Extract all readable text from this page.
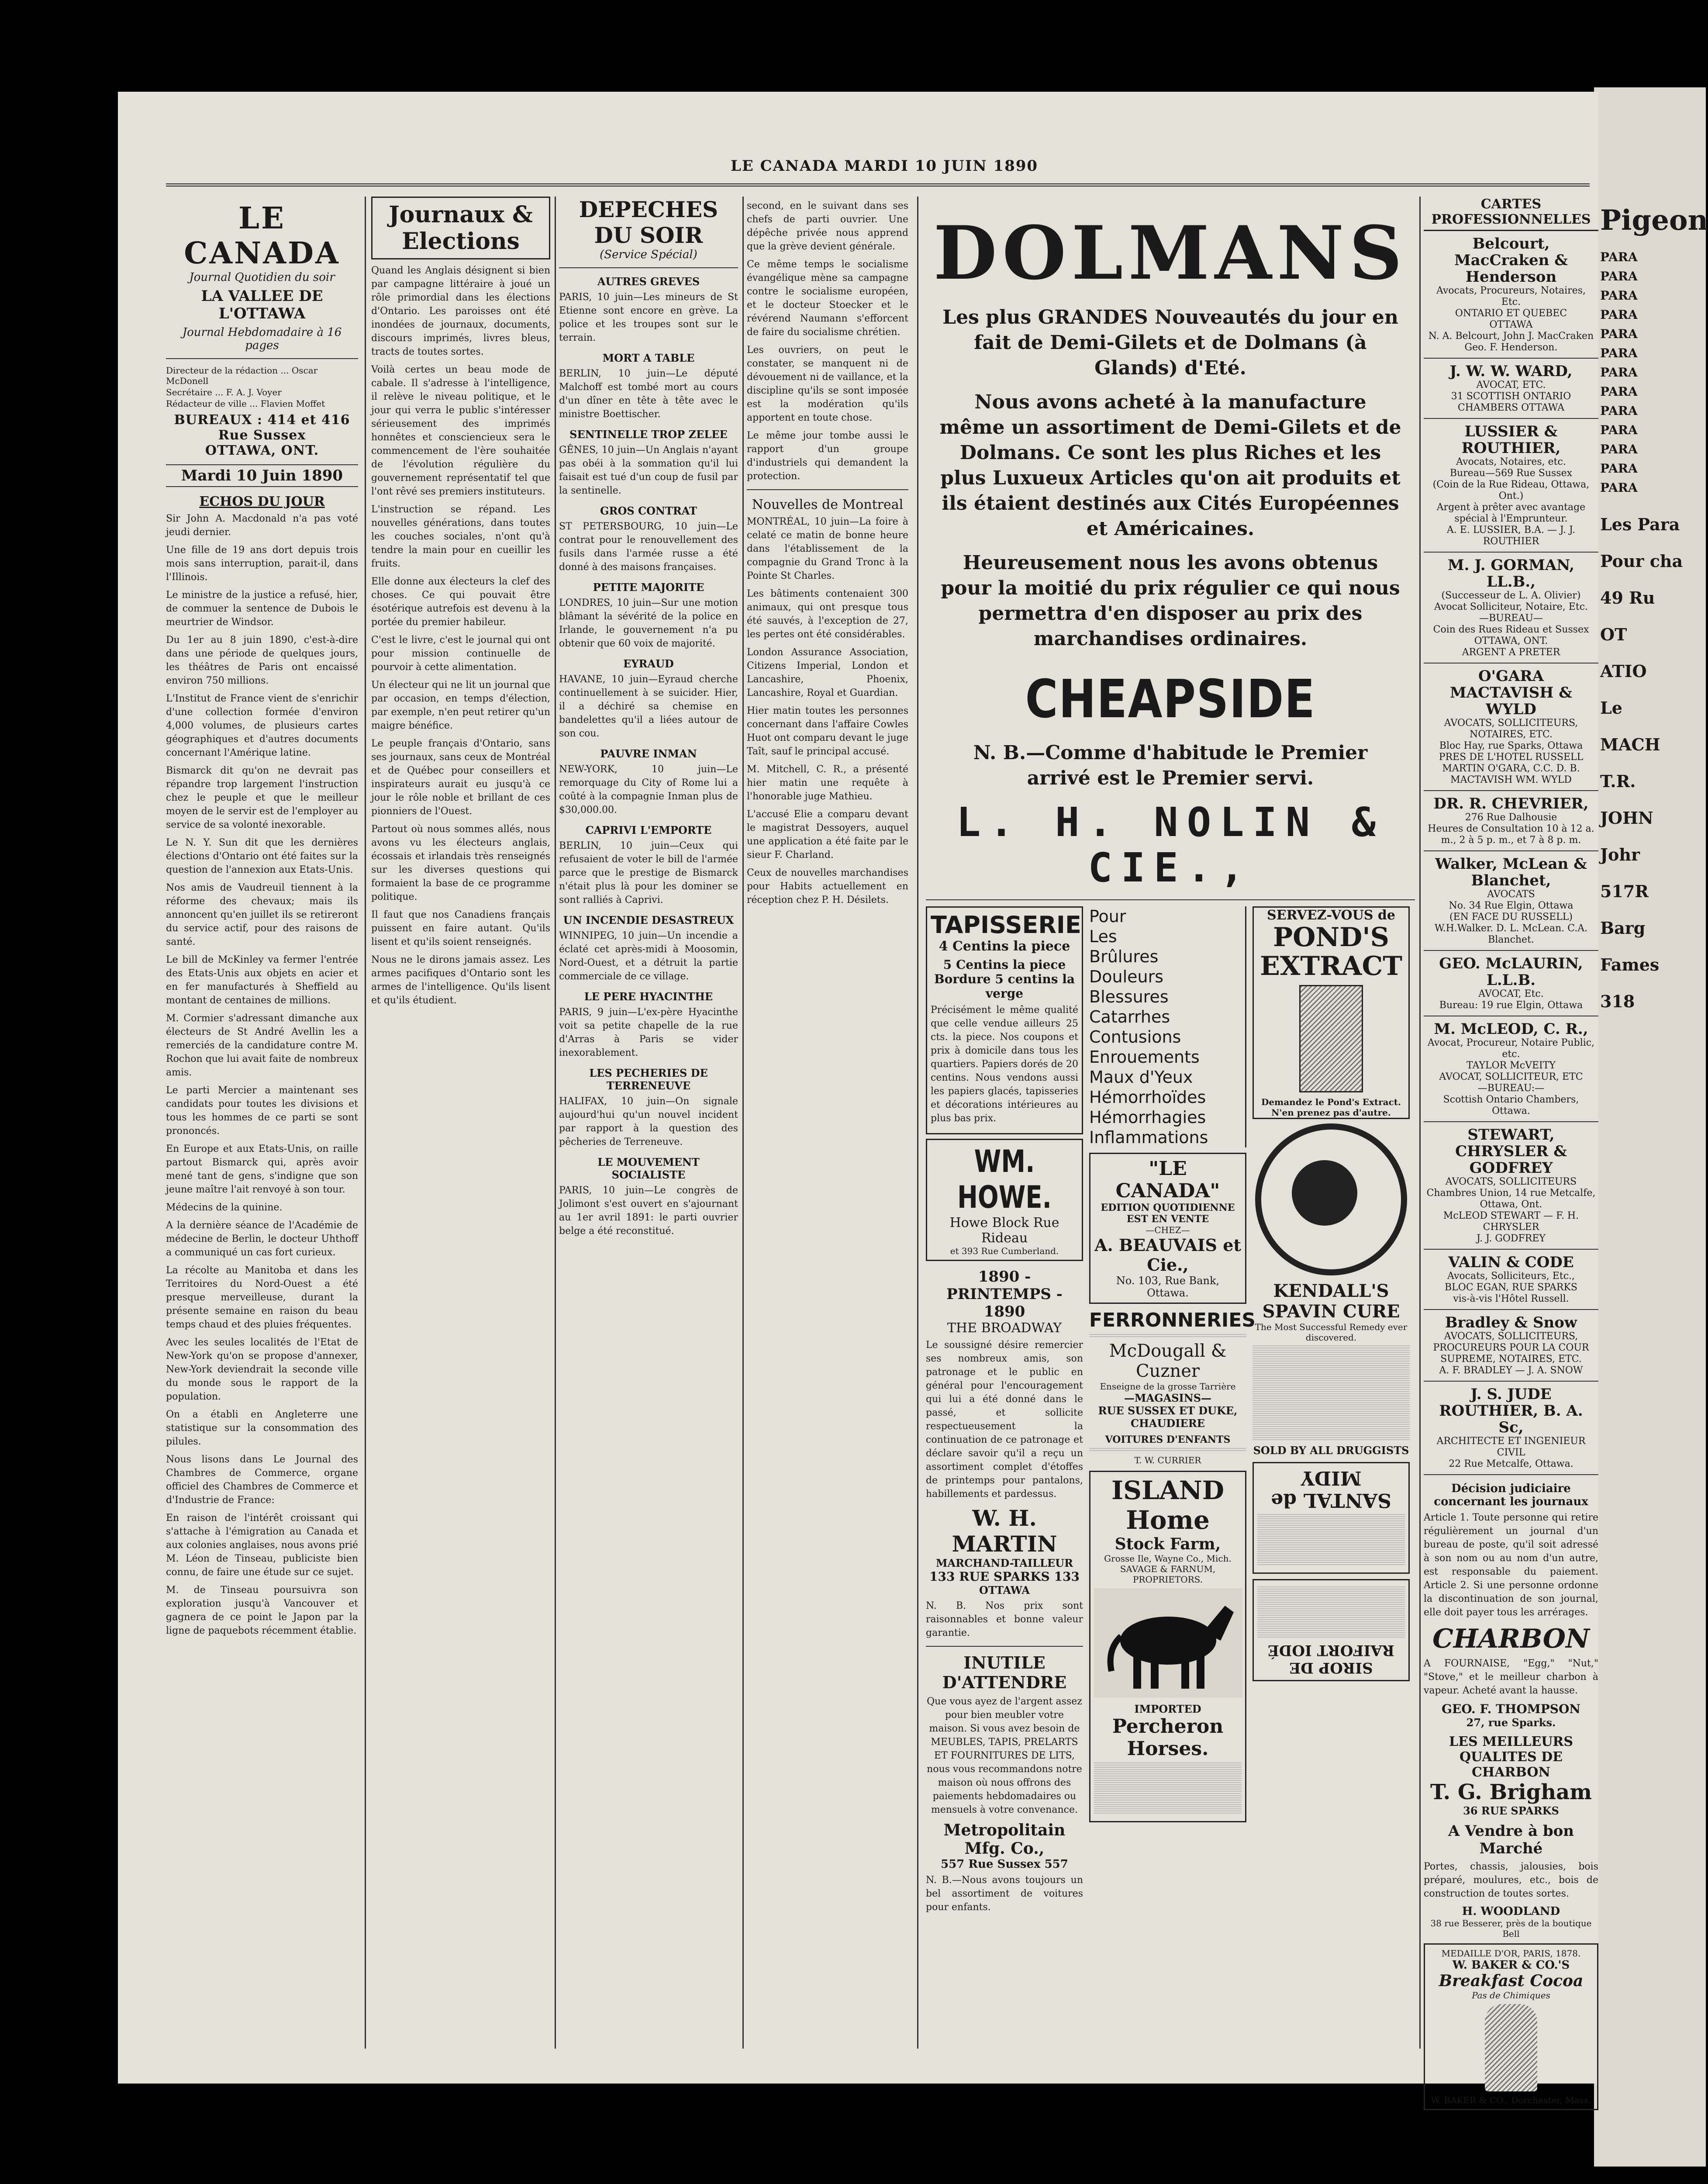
Pigeon
PARA
PARA
PARA
PARA
PARA
PARA
PARA
PARA
PARA
PARA
PARA
PARA
PARA
Les Para
Pour cha
49 Ru
OT
ATIO
Le
MACH
T.R.
JOHN
Johr
517R
Barg
Fames
318
LE CANADA MARDI 10 JUIN 1890
LE CANADA
Journal Quotidien du soir
LA VALLEE DE L'OTTAWA
Journal Hebdomadaire à 16 pages
Directeur de la rédaction ... Oscar McDonell
Secrétaire ... F. A. J. Voyer
Rédacteur de ville ... Flavien Moffet
BUREAUX : 414 et 416 Rue Sussex
OTTAWA, ONT.
Mardi 10 Juin 1890
ECHOS DU JOUR

Sir John A. Macdonald n'a pas voté jeudi dernier.

Une fille de 19 ans dort depuis trois mois sans interruption, parait-il, dans l'Illinois.

Le ministre de la justice a refusé, hier, de commuer la sentence de Dubois le meurtrier de Windsor.

Du 1er au 8 juin 1890, c'est-à-dire dans une période de quelques jours, les théâtres de Paris ont encaissé environ 750 millions.

L'Institut de France vient de s'enrichir d'une collection formée d'environ 4,000 volumes, de plusieurs cartes géographiques et d'autres documents concernant l'Amérique latine.

Bismarck dit qu'on ne devrait pas répandre trop largement l'instruction chez le peuple et que le meilleur moyen de le servir est de l'employer au service de sa volonté inexorable.

Le N. Y. Sun dit que les dernières élections d'Ontario ont été faites sur la question de l'annexion aux Etats-Unis.

Nos amis de Vaudreuil tiennent à la réforme des chevaux; mais ils annoncent qu'en juillet ils se retireront du service actif, pour des raisons de santé.

Le bill de McKinley va fermer l'entrée des Etats-Unis aux objets en acier et en fer manufacturés à Sheffield au montant de centaines de millions.

M. Cormier s'adressant dimanche aux électeurs de St André Avellin les a remerciés de la candidature contre M. Rochon que lui avait faite de nombreux amis.

Le parti Mercier a maintenant ses candidats pour toutes les divisions et tous les hommes de ce parti se sont prononcés.

En Europe et aux Etats-Unis, on raille partout Bismarck qui, après avoir mené tant de gens, s'indigne que son jeune maître l'ait renvoyé à son tour.

Médecins de la quinine.

A la dernière séance de l'Académie de médecine de Berlin, le docteur Uhthoff a communiqué un cas fort curieux.

La récolte au Manitoba et dans les Territoires du Nord-Ouest a été presque merveilleuse, durant la présente semaine en raison du beau temps chaud et des pluies fréquentes.

Avec les seules localités de l'Etat de New-York qu'on se propose d'annexer, New-York deviendrait la seconde ville du monde sous le rapport de la population.

On a établi en Angleterre une statistique sur la consommation des pilules.

Nous lisons dans Le Journal des Chambres de Commerce, organe officiel des Chambres de Commerce et d'Industrie de France:

En raison de l'intérêt croissant qui s'attache à l'émigration au Canada et aux colonies anglaises, nous avons prié M. Léon de Tinseau, publiciste bien connu, de faire une étude sur ce sujet.

M. de Tinseau poursuivra son exploration jusqu'à Vancouver et gagnera de ce point le Japon par la ligne de paquebots récemment établie.

Journaux & Elections

Quand les Anglais désignent si bien par campagne littéraire à joué un rôle primordial dans les élections d'Ontario. Les paroisses ont été inondées de journaux, documents, discours imprimés, livres bleus, tracts de toutes sortes.

Voilà certes un beau mode de cabale. Il s'adresse à l'intelligence, il relève le niveau politique, et le jour qui verra le public s'intéresser sérieusement des imprimés honnêtes et consciencieux sera le commencement de l'ère souhaitée de l'évolution régulière du gouvernement représentatif tel que l'ont rêvé ses premiers instituteurs.

L'instruction se répand. Les nouvelles générations, dans toutes les couches sociales, n'ont qu'à tendre la main pour en cueillir les fruits.

Elle donne aux électeurs la clef des choses. Ce qui pouvait être ésotérique autrefois est devenu à la portée du premier habileur.

C'est le livre, c'est le journal qui ont pour mission continuelle de pourvoir à cette alimentation.

Un électeur qui ne lit un journal que par occasion, en temps d'élection, par exemple, n'en peut retirer qu'un maigre bénéfice.

Le peuple français d'Ontario, sans ses journaux, sans ceux de Montréal et de Québec pour conseillers et inspirateurs aurait eu jusqu'à ce jour le rôle noble et brillant de ces pionniers de l'Ouest.

Partout où nous sommes allés, nous avons vu les électeurs anglais, écossais et irlandais très renseignés sur les diverses questions qui formaient la base de ce programme politique.

Il faut que nos Canadiens français puissent en faire autant. Qu'ils lisent et qu'ils soient renseignés.

Nous ne le dirons jamais assez. Les armes pacifiques d'Ontario sont les armes de l'intelligence. Qu'ils lisent et qu'ils étudient.

DEPECHES DU SOIR
(Service Spécial)
AUTRES GREVES

PARIS, 10 juin—Les mineurs de St Etienne sont encore en grève. La police et les troupes sont sur le terrain.

MORT A TABLE

BERLIN, 10 juin—Le député Malchoff est tombé mort au cours d'un dîner en tête à tête avec le ministre Boettischer.

SENTINELLE TROP ZELEE

GÊNES, 10 juin—Un Anglais n'ayant pas obéi à la sommation qu'il lui faisait est tué d'un coup de fusil par la sentinelle.

GROS CONTRAT

ST PETERSBOURG, 10 juin—Le contrat pour le renouvellement des fusils dans l'armée russe a été donné à des maisons françaises.

PETITE MAJORITE

LONDRES, 10 juin—Sur une motion blâmant la sévérité de la police en Irlande, le gouvernement n'a pu obtenir que 60 voix de majorité.

EYRAUD

HAVANE, 10 juin—Eyraud cherche continuellement à se suicider. Hier, il a déchiré sa chemise en bandelettes qu'il a liées autour de son cou.

PAUVRE INMAN

NEW-YORK, 10 juin—Le remorquage du City of Rome lui a coûté à la compagnie Inman plus de $30,000.00.

CAPRIVI L'EMPORTE

BERLIN, 10 juin—Ceux qui refusaient de voter le bill de l'armée parce que le prestige de Bismarck n'était plus là pour les dominer se sont ralliés à Caprivi.

UN INCENDIE DESASTREUX

WINNIPEG, 10 juin—Un incendie a éclaté cet après-midi à Moosomin, Nord-Ouest, et a détruit la partie commerciale de ce village.

LE PERE HYACINTHE

PARIS, 9 juin—L'ex-père Hyacinthe voit sa petite chapelle de la rue d'Arras à Paris se vider inexorablement.

LES PECHERIES DE TERRENEUVE

HALIFAX, 10 juin—On signale aujourd'hui qu'un nouvel incident par rapport à la question des pêcheries de Terreneuve.

LE MOUVEMENT SOCIALISTE

PARIS, 10 juin—Le congrès de Jolimont s'est ouvert en s'ajournant au 1er avril 1891: le parti ouvrier belge a été reconstitué.

second, en le suivant dans ses chefs de parti ouvrier. Une dépêche privée nous apprend que la grève devient générale.

Ce même temps le socialisme évangélique mène sa campagne contre le socialisme européen, et le docteur Stoecker et le révérend Naumann s'efforcent de faire du socialisme chrétien.

Les ouvriers, on peut le constater, se manquent ni de dévouement ni de vaillance, et la discipline qu'ils se sont imposée est la modération qu'ils apportent en toute chose.

Le même jour tombe aussi le rapport d'un groupe d'industriels qui demandent la protection.

Nouvelles de Montreal

MONTRÉAL, 10 juin—La foire à celaté ce matin de bonne heure dans l'établissement de la compagnie du Grand Tronc à la Pointe St Charles.

Les bâtiments contenaient 300 animaux, qui ont presque tous été sauvés, à l'exception de 27, les pertes ont été considérables.

London Assurance Association, Citizens Imperial, London et Lancashire, Phoenix, Lancashire, Royal et Guardian.

Hier matin toutes les personnes concernant dans l'affaire Cowles Huot ont comparu devant le juge Taît, sauf le principal accusé.

M. Mitchell, C. R., a présenté hier matin une requête à l'honorable juge Mathieu.

L'accusé Elie a comparu devant le magistrat Dessoyers, auquel une application a été faite par le sieur F. Charland.

Ceux de nouvelles marchandises pour Habits actuellement en réception chez P. H. Désilets.

DOLMANS
Les plus GRANDES Nouveautés du jour en fait de Demi-Gilets et de Dolmans (à Glands) d'Eté.
Nous avons acheté à la manufacture même un assortiment de Demi-Gilets et de Dolmans. Ce sont les plus Riches et les plus Luxueux Articles qu'on ait produits et ils étaient destinés aux Cités Européennes et Américaines.
Heureusement nous les avons obtenus pour la moitié du prix régulier ce qui nous permettra d'en disposer au prix des marchandises ordinaires.
CHEAPSIDE
N. B.—Comme d'habitude le Premier arrivé est le Premier servi.
L. H. NOLIN & CIE.,
TAPISSERIE
4 Centins la piece
5 Centins la piece
Bordure 5 centins la verge
Précisément le même qualité que celle vendue ailleurs 25 cts. la piece. Nos coupons et prix à domicile dans tous les quartiers. Papiers dorés de 20 centins. Nous vendons aussi les papiers glacés, tapisseries et décorations intérieures au plus bas prix.
WM. HOWE.
Howe Block Rue Rideau
et 393 Rue Cumberland.
1890 - PRINTEMPS - 1890
THE BROADWAY
Le soussigné désire remercier ses nombreux amis, son patronage et le public en général pour l'encouragement qui lui a été donné dans le passé, et sollicite respectueusement la continuation de ce patronage et déclare savoir qu'il a reçu un assortiment complet d'étoffes de printemps pour pantalons, habillements et pardessus.
W. H. MARTIN
MARCHAND-TAILLEUR
133 RUE SPARKS 133
OTTAWA
N. B. Nos prix sont raisonnables et bonne valeur garantie.
INUTILE D'ATTENDRE
Que vous ayez de l'argent assez pour bien meubler votre maison. Si vous avez besoin de MEUBLES, TAPIS, PRELARTS ET FOURNITURES DE LITS, nous vous recommandons notre maison où nous offrons des paiements hebdomadaires ou mensuels à votre convenance.
Metropolitain Mfg. Co.,
557 Rue Sussex 557
N. B.—Nous avons toujours un bel assortiment de voitures pour enfants.
Pour
Les
Brûlures
Douleurs
Blessures
Catarrhes
Contusions
Enrouements
Maux d'Yeux
Hémorrhoïdes
Hémorrhagies
Inflammations
"LE CANADA"
EDITION QUOTIDIENNE EST EN VENTE
—CHEZ—
A. BEAUVAIS et Cie.,
No. 103, Rue Bank, Ottawa.
FERRONNERIES
McDougall & Cuzner
Enseigne de la grosse Tarrière
—MAGASINS—
RUE SUSSEX ET DUKE, CHAUDIERE
VOITURES D'ENFANTS
T. W. CURRIER
ISLAND Home
Stock Farm,
Grosse Ile, Wayne Co., Mich.
SAVAGE & FARNUM, PROPRIETORS.
IMPORTED
Percheron Horses.
SERVEZ-VOUS de
POND'S EXTRACT
Demandez le Pond's Extract. N'en prenez pas d'autre.
KENDALL'S SPAVIN CURE
The Most Successful Remedy ever discovered.
SOLD BY ALL DRUGGISTS
SANTAL de MIDY
SIROP DE RAIFORT IODÉ
CARTES PROFESSIONNELLES
Belcourt, MacCraken & Henderson
Avocats, Procureurs, Notaires, Etc.
ONTARIO ET QUEBEC
OTTAWA
N. A. Belcourt, John J. MacCraken
Geo. F. Henderson.
J. W. W. WARD,
AVOCAT, ETC.
31 SCOTTISH ONTARIO CHAMBERS OTTAWA
LUSSIER & ROUTHIER,
Avocats, Notaires, etc.
Bureau—569 Rue Sussex
(Coin de la Rue Rideau, Ottawa, Ont.)
Argent à prêter avec avantage spécial à l'Emprunteur.
A. E. LUSSIER, B.A. — J. J. ROUTHIER
M. J. GORMAN, LL.B.,
(Successeur de L. A. Olivier)
Avocat Solliciteur, Notaire, Etc.
—BUREAU—
Coin des Rues Rideau et Sussex
OTTAWA, ONT.
ARGENT A PRETER
O'GARA MACTAVISH & WYLD
AVOCATS, SOLLICITEURS, NOTAIRES, ETC.
Bloc Hay, rue Sparks, Ottawa
PRES DE L'HOTEL RUSSELL
MARTIN O'GARA, C.C. D. B. MACTAVISH WM. WYLD
DR. R. CHEVRIER,
276 Rue Dalhousie
Heures de Consultation 10 à 12 a. m., 2 à 5 p. m., et 7 à 8 p. m.
Walker, McLean & Blanchet,
AVOCATS
No. 34 Rue Elgin, Ottawa
(EN FACE DU RUSSELL)
W.H.Walker. D. L. McLean. C.A. Blanchet.
GEO. McLAURIN, L.L.B.
AVOCAT, Etc.
Bureau: 19 rue Elgin, Ottawa
M. McLEOD, C. R.,
Avocat, Procureur, Notaire Public, etc.
TAYLOR McVEITY
AVOCAT, SOLLICITEUR, ETC
—BUREAU:—
Scottish Ontario Chambers, Ottawa.
STEWART, CHRYSLER & GODFREY
AVOCATS, SOLLICITEURS
Chambres Union, 14 rue Metcalfe, Ottawa, Ont.
McLEOD STEWART — F. H. CHRYSLER
J. J. GODFREY
VALIN & CODE
Avocats, Solliciteurs, Etc.,
BLOC EGAN, RUE SPARKS
vis-à-vis l'Hôtel Russell.
Bradley & Snow
AVOCATS, SOLLICITEURS, PROCUREURS POUR LA COUR SUPREME, NOTAIRES, ETC.
A. F. BRADLEY — J. A. SNOW
J. S. JUDE ROUTHIER, B. A. Sc,
ARCHITECTE ET INGENIEUR CIVIL
22 Rue Metcalfe, Ottawa.
Décision judiciaire concernant les journaux
Article 1. Toute personne qui retire régulièrement un journal d'un bureau de poste, qu'il soit adressé à son nom ou au nom d'un autre, est responsable du paiement. Article 2. Si une personne ordonne la discontinuation de son journal, elle doit payer tous les arrérages.
CHARBON
A FOURNAISE, "Egg," "Nut," "Stove," et le meilleur charbon à vapeur. Acheté avant la hausse.
GEO. F. THOMPSON
27, rue Sparks.
LES MEILLEURS QUALITES DE CHARBON
T. G. Brigham
36 RUE SPARKS
A Vendre à bon Marché
Portes, chassis, jalousies, bois préparé, moulures, etc., bois de construction de toutes sortes.
H. WOODLAND
38 rue Besserer, près de la boutique Bell
MEDAILLE D'OR, PARIS, 1878.
W. BAKER & CO.'S
Breakfast Cocoa
Pas de Chimiques
W. BAKER & CO., Dorchester, Mass.
